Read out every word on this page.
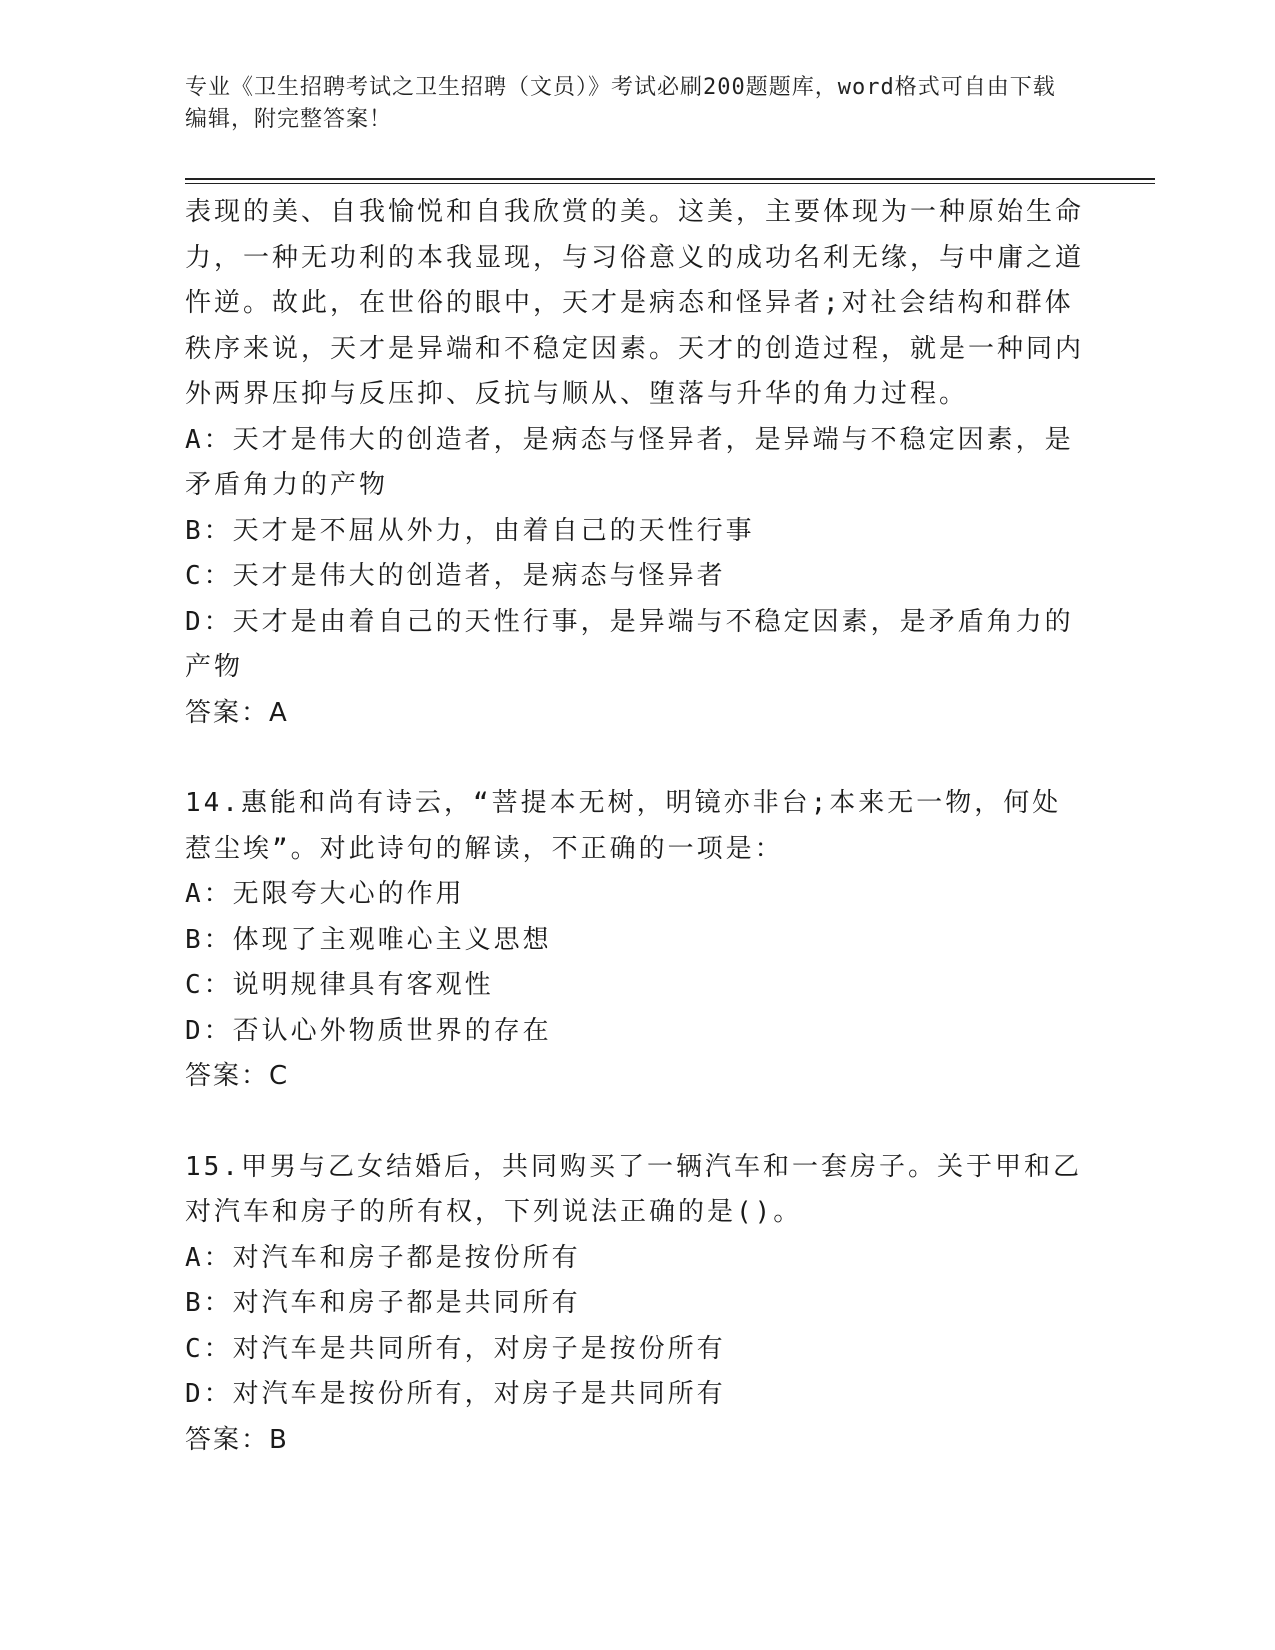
专业《卫生招聘考试之卫生招聘（文员）》考试必刷200题题库，word格式可自由下载编辑，附完整答案！

表现的美、自我愉悦和自我欣赏的美。这美，主要体现为一种原始生命力，一种无功利的本我显现，与习俗意义的成功名利无缘，与中庸之道忤逆。故此，在世俗的眼中，天才是病态和怪异者;对社会结构和群体秩序来说，天才是异端和不稳定因素。天才的创造过程，就是一种同内外两界压抑与反压抑、反抗与顺从、堕落与升华的角力过程。

A：天才是伟大的创造者，是病态与怪异者，是异端与不稳定因素，是矛盾角力的产物

B：天才是不屈从外力，由着自己的天性行事

C：天才是伟大的创造者，是病态与怪异者

D：天才是由着自己的天性行事，是异端与不稳定因素，是矛盾角力的产物

答案：A

14.惠能和尚有诗云，“菩提本无树，明镜亦非台;本来无一物，何处惹尘埃”。对此诗句的解读，不正确的一项是：

A：无限夸大心的作用

B：体现了主观唯心主义思想

C：说明规律具有客观性

D：否认心外物质世界的存在

答案：C

15.甲男与乙女结婚后，共同购买了一辆汽车和一套房子。关于甲和乙对汽车和房子的所有权，下列说法正确的是()。

A：对汽车和房子都是按份所有

B：对汽车和房子都是共同所有

C：对汽车是共同所有，对房子是按份所有

D：对汽车是按份所有，对房子是共同所有

答案：B
